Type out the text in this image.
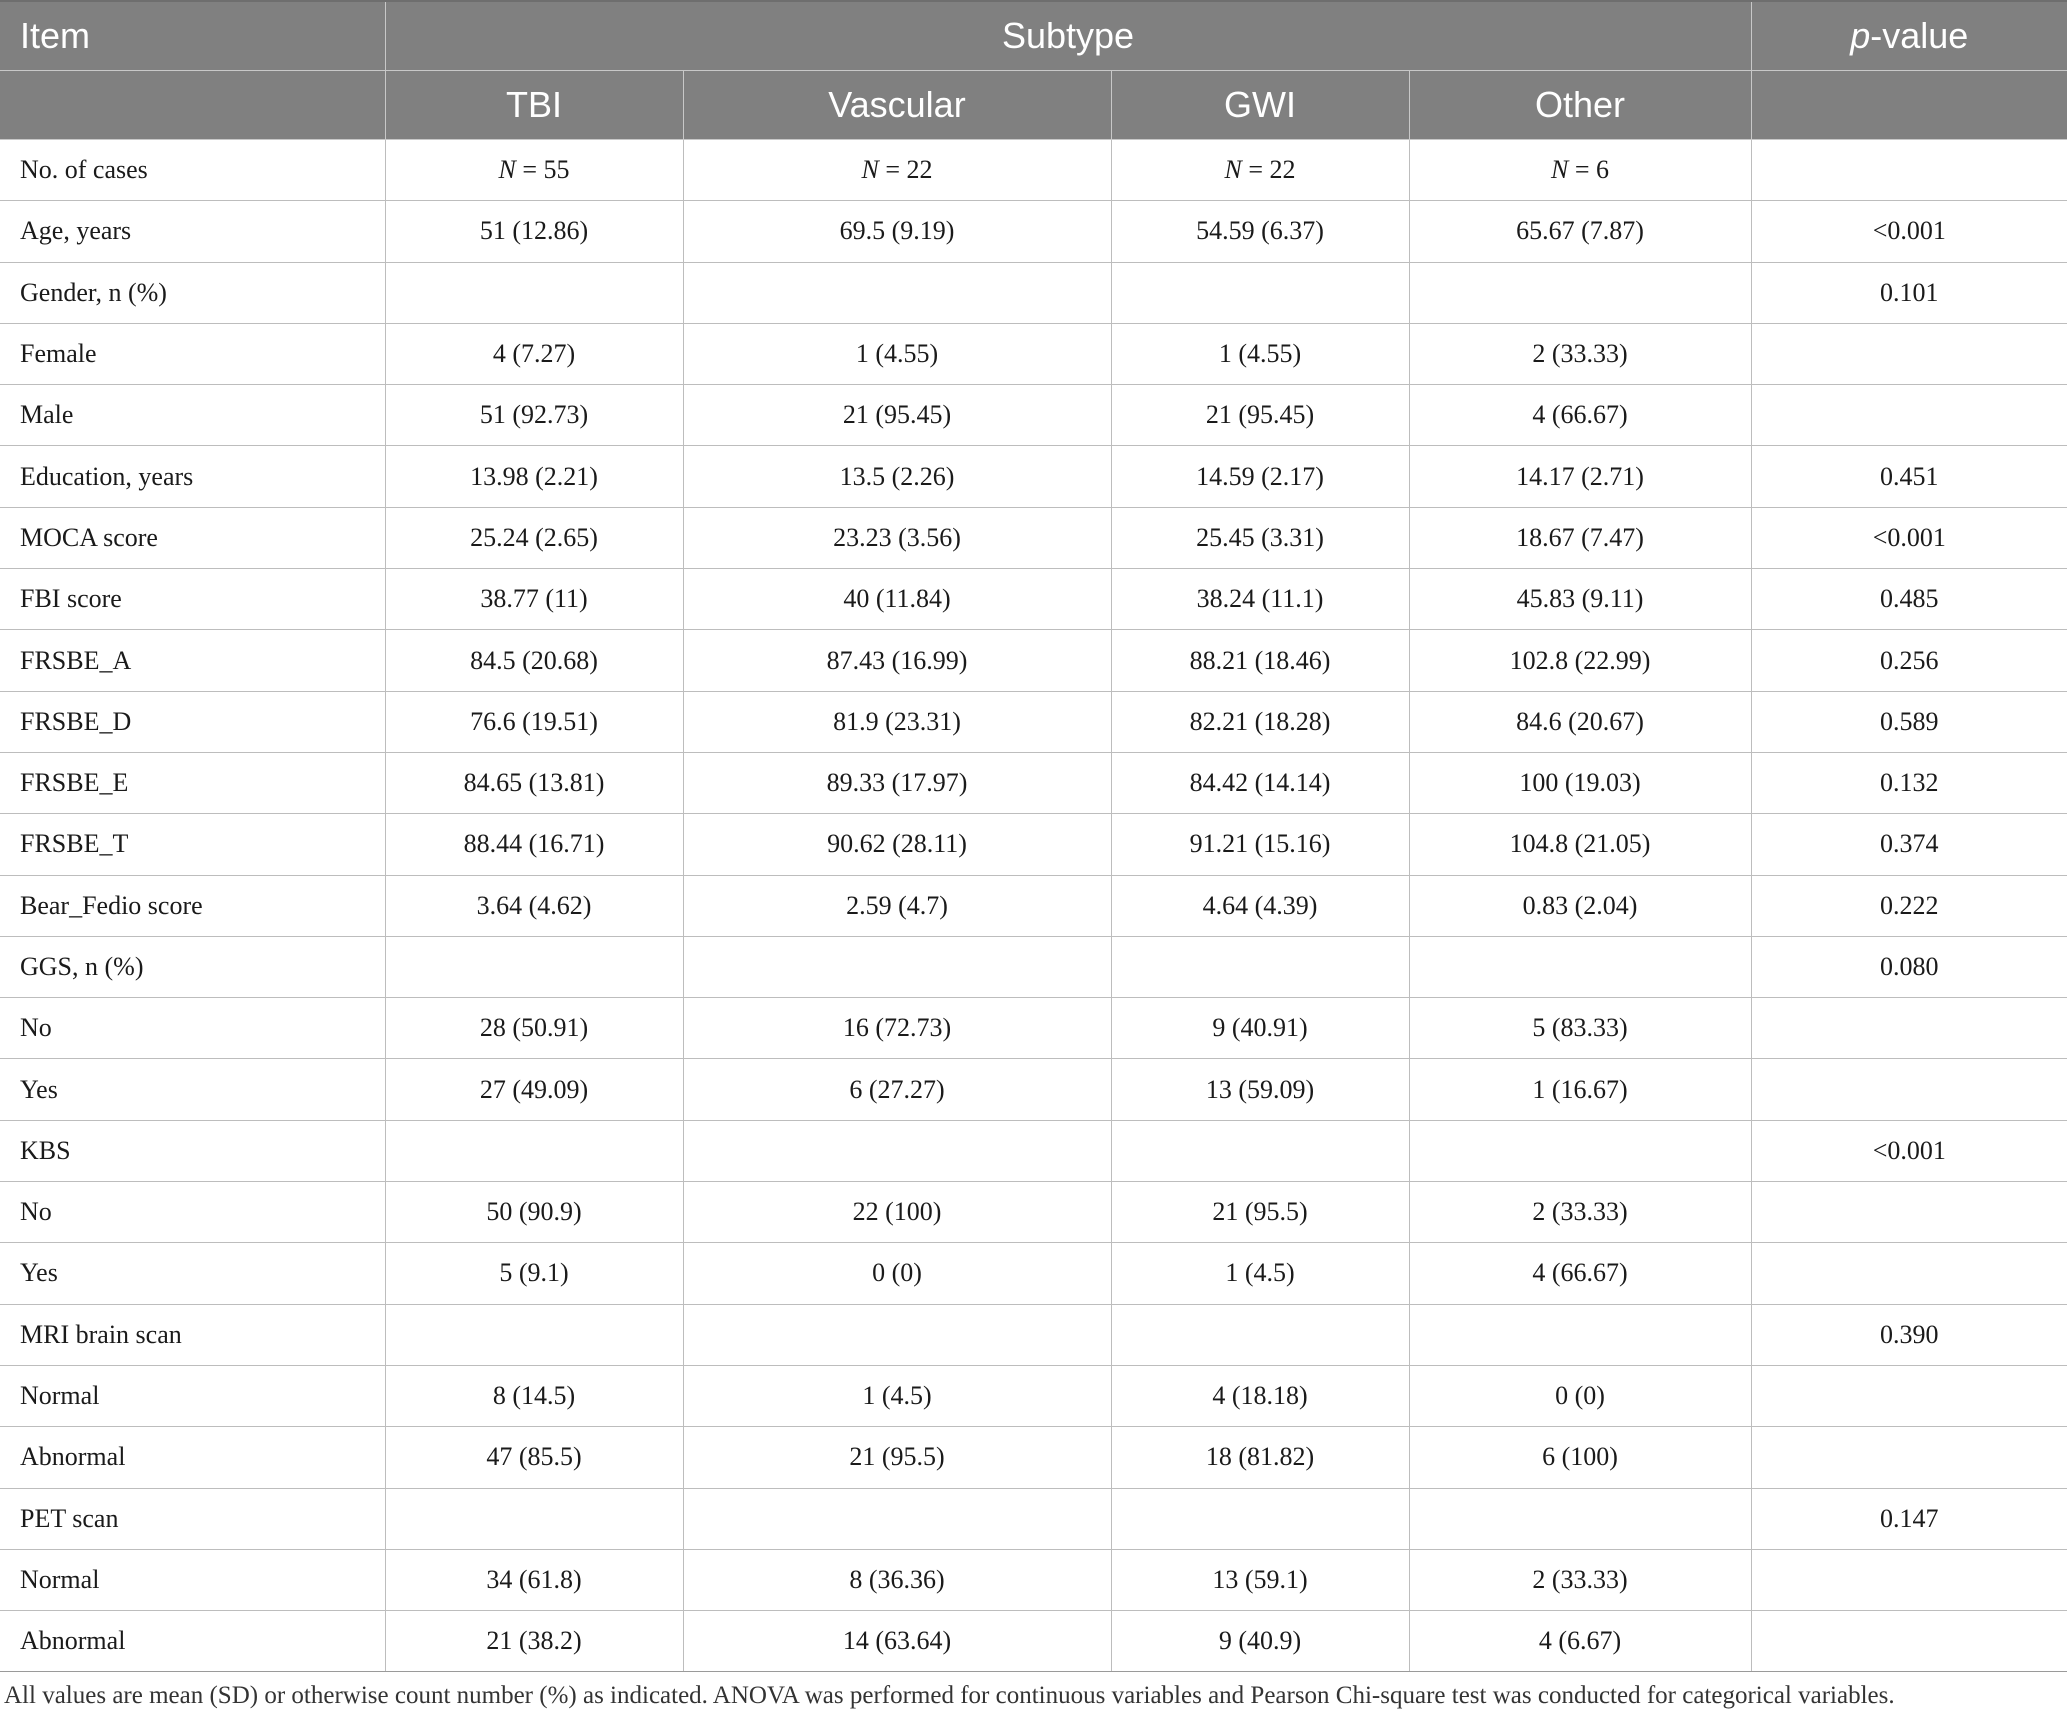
Item	Subtype				p-value
	TBI	Vascular	GWI	Other	
No. of cases	N = 55	N = 22	N = 22	N = 6	
Age, years	51 (12.86)	69.5 (9.19)	54.59 (6.37)	65.67 (7.87)	<0.001
Gender, n (%)					0.101
Female	4 (7.27)	1 (4.55)	1 (4.55)	2 (33.33)	
Male	51 (92.73)	21 (95.45)	21 (95.45)	4 (66.67)	
Education, years	13.98 (2.21)	13.5 (2.26)	14.59 (2.17)	14.17 (2.71)	0.451
MOCA score	25.24 (2.65)	23.23 (3.56)	25.45 (3.31)	18.67 (7.47)	<0.001
FBI score	38.77 (11)	40 (11.84)	38.24 (11.1)	45.83 (9.11)	0.485
FRSBE_A	84.5 (20.68)	87.43 (16.99)	88.21 (18.46)	102.8 (22.99)	0.256
FRSBE_D	76.6 (19.51)	81.9 (23.31)	82.21 (18.28)	84.6 (20.67)	0.589
FRSBE_E	84.65 (13.81)	89.33 (17.97)	84.42 (14.14)	100 (19.03)	0.132
FRSBE_T	88.44 (16.71)	90.62 (28.11)	91.21 (15.16)	104.8 (21.05)	0.374
Bear_Fedio score	3.64 (4.62)	2.59 (4.7)	4.64 (4.39)	0.83 (2.04)	0.222
GGS, n (%)					0.080
No	28 (50.91)	16 (72.73)	9 (40.91)	5 (83.33)	
Yes	27 (49.09)	6 (27.27)	13 (59.09)	1 (16.67)	
KBS					<0.001
No	50 (90.9)	22 (100)	21 (95.5)	2 (33.33)	
Yes	5 (9.1)	0 (0)	1 (4.5)	4 (66.67)	
MRI brain scan					0.390
Normal	8 (14.5)	1 (4.5)	4 (18.18)	0 (0)	
Abnormal	47 (85.5)	21 (95.5)	18 (81.82)	6 (100)	
PET scan					0.147
Normal	34 (61.8)	8 (36.36)	13 (59.1)	2 (33.33)	
Abnormal	21 (38.2)	14 (63.64)	9 (40.9)	4 (6.67)	
All values are mean (SD) or otherwise count number (%) as indicated. ANOVA was performed for continuous variables and Pearson Chi-square test was conducted for categorical variables.
